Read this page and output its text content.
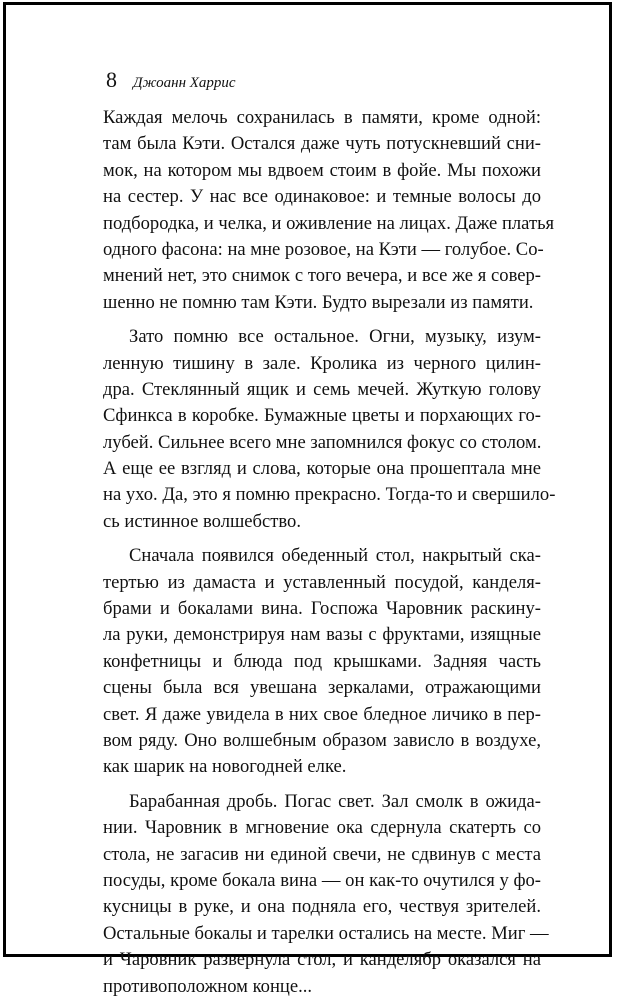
8 Джоанн Харрис
Каждая мелочь сохранилась в памяти, кроме одной:
там была Кэти. Остался даже чуть потускневший сни-
мок, на котором мы вдвоем стоим в фойе. Мы похожи
на сестер. У нас все одинаковое: и темные волосы до
подбородка, и челка, и оживление на лицах. Даже платья
одного фасона: на мне розовое, на Кэти — голубое. Со-
мнений нет, это снимок с того вечера, и все же я совер-
шенно не помню там Кэти. Будто вырезали из памяти.
Зато помню все остальное. Огни, музыку, изум-
ленную тишину в зале. Кролика из черного цилин-
дра. Стеклянный ящик и семь мечей. Жуткую голову
Сфинкса в коробке. Бумажные цветы и порхающих го-
лубей. Сильнее всего мне запомнился фокус со столом.
А еще ее взгляд и слова, которые она прошептала мне
на ухо. Да, это я помню прекрасно. Тогда-то и свершило-
сь истинное волшебство.
Сначала появился обеденный стол, накрытый ска-
тертью из дамаста и уставленный посудой, канделя-
брами и бокалами вина. Госпожа Чаровник раскину-
ла руки, демонстрируя нам вазы с фруктами, изящные
конфетницы и блюда под крышками. Задняя часть
сцены была вся увешана зеркалами, отражающими
свет. Я даже увидела в них свое бледное личико в пер-
вом ряду. Оно волшебным образом зависло в воздухе,
как шарик на новогодней елке.
Барабанная дробь. Погас свет. Зал смолк в ожида-
нии. Чаровник в мгновение ока сдернула скатерть со
стола, не загасив ни единой свечи, не сдвинув с места
посуды, кроме бокала вина — он как-то очутился у фо-
кусницы в руке, и она подняла его, чествуя зрителей.
Остальные бокалы и тарелки остались на месте. Миг —
и Чаровник развернула стол, и канделябр оказался на
противоположном конце...
